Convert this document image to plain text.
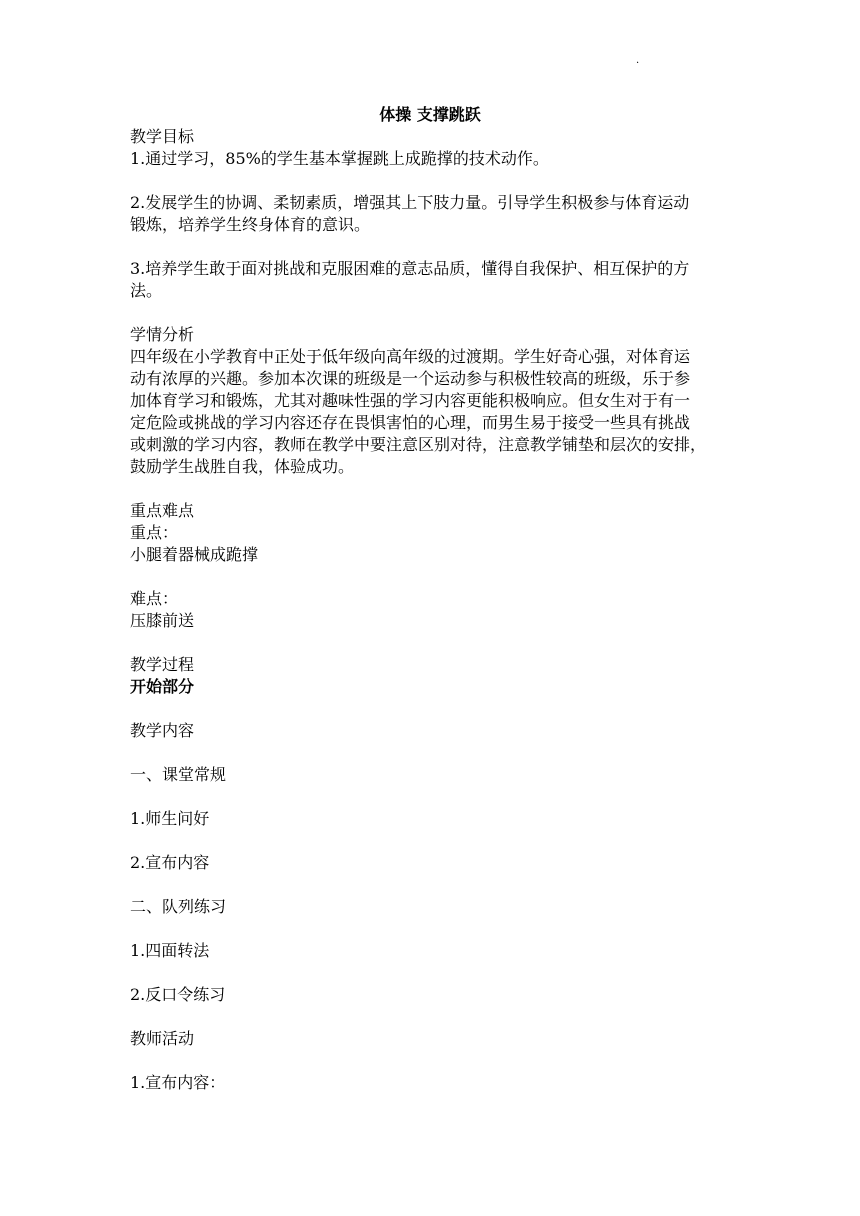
.
体操 支撑跳跃
教学目标
1.通过学习，85%的学生基本掌握跳上成跪撑的技术动作。
2.发展学生的协调、柔韧素质，增强其上下肢力量。引导学生积极参与体育运动
锻炼，培养学生终身体育的意识。
3.培养学生敢于面对挑战和克服困难的意志品质，懂得自我保护、相互保护的方
法。
学情分析
四年级在小学教育中正处于低年级向高年级的过渡期。学生好奇心强，对体育运
动有浓厚的兴趣。参加本次课的班级是一个运动参与积极性较高的班级，乐于参
加体育学习和锻炼，尤其对趣味性强的学习内容更能积极响应。但女生对于有一
定危险或挑战的学习内容还存在畏惧害怕的心理，而男生易于接受一些具有挑战
或刺激的学习内容，教师在教学中要注意区别对待，注意教学铺垫和层次的安排，
鼓励学生战胜自我，体验成功。
重点难点
重点：
小腿着器械成跪撑
难点：
压膝前送
教学过程
开始部分
教学内容
一、课堂常规
1.师生问好
2.宣布内容
二、队列练习
1.四面转法
2.反口令练习
教师活动
1.宣布内容：
